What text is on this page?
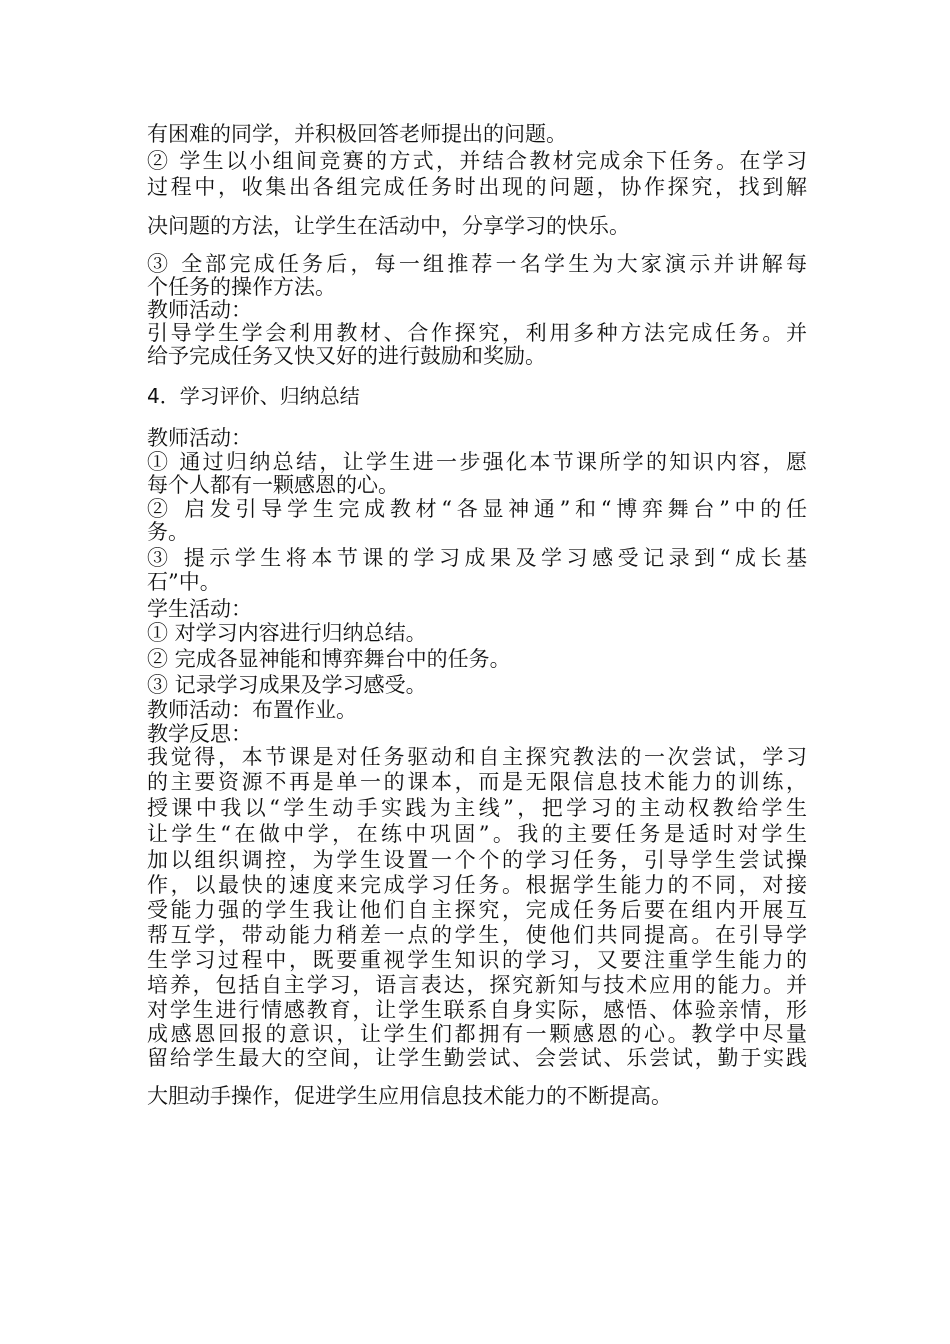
有困难的同学，并积极回答老师提出的问题。

② 学生以小组间竞赛的方式，并结合教材完成余下任务。在学习

过程中，收集出各组完成任务时出现的问题，协作探究，找到解

决问题的方法，让学生在活动中，分享学习的快乐。

③ 全部完成任务后，每一组推荐一名学生为大家演示并讲解每

个任务的操作方法。

教师活动：

引导学生学会利用教材、合作探究，利用多种方法完成任务。并

给予完成任务又快又好的进行鼓励和奖励。

4．学习评价、归纳总结

教师活动：

① 通过归纳总结，让学生进一步强化本节课所学的知识内容，愿

每个人都有一颗感恩的心。

② 启发引导学生完成教材“各显神通”和“博弈舞台”中的任

务。

③ 提示学生将本节课的学习成果及学习感受记录到“成长基

石”中。

学生活动：

① 对学习内容进行归纳总结。

② 完成各显神能和博弈舞台中的任务。

③ 记录学习成果及学习感受。

教师活动：布置作业。

教学反思：

我觉得，本节课是对任务驱动和自主探究教法的一次尝试，学习

的主要资源不再是单一的课本，而是无限信息技术能力的训练，

授课中我以“学生动手实践为主线”，把学习的主动权教给学生

让学生“在做中学，在练中巩固”。我的主要任务是适时对学生

加以组织调控，为学生设置一个个的学习任务，引导学生尝试操

作，以最快的速度来完成学习任务。根据学生能力的不同，对接

受能力强的学生我让他们自主探究，完成任务后要在组内开展互

帮互学，带动能力稍差一点的学生，使他们共同提高。在引导学

生学习过程中，既要重视学生知识的学习，又要注重学生能力的

培养，包括自主学习，语言表达，探究新知与技术应用的能力。并

对学生进行情感教育，让学生联系自身实际，感悟、体验亲情，形

成感恩回报的意识，让学生们都拥有一颗感恩的心。教学中尽量

留给学生最大的空间，让学生勤尝试、会尝试、乐尝试，勤于实践

大胆动手操作，促进学生应用信息技术能力的不断提高。
